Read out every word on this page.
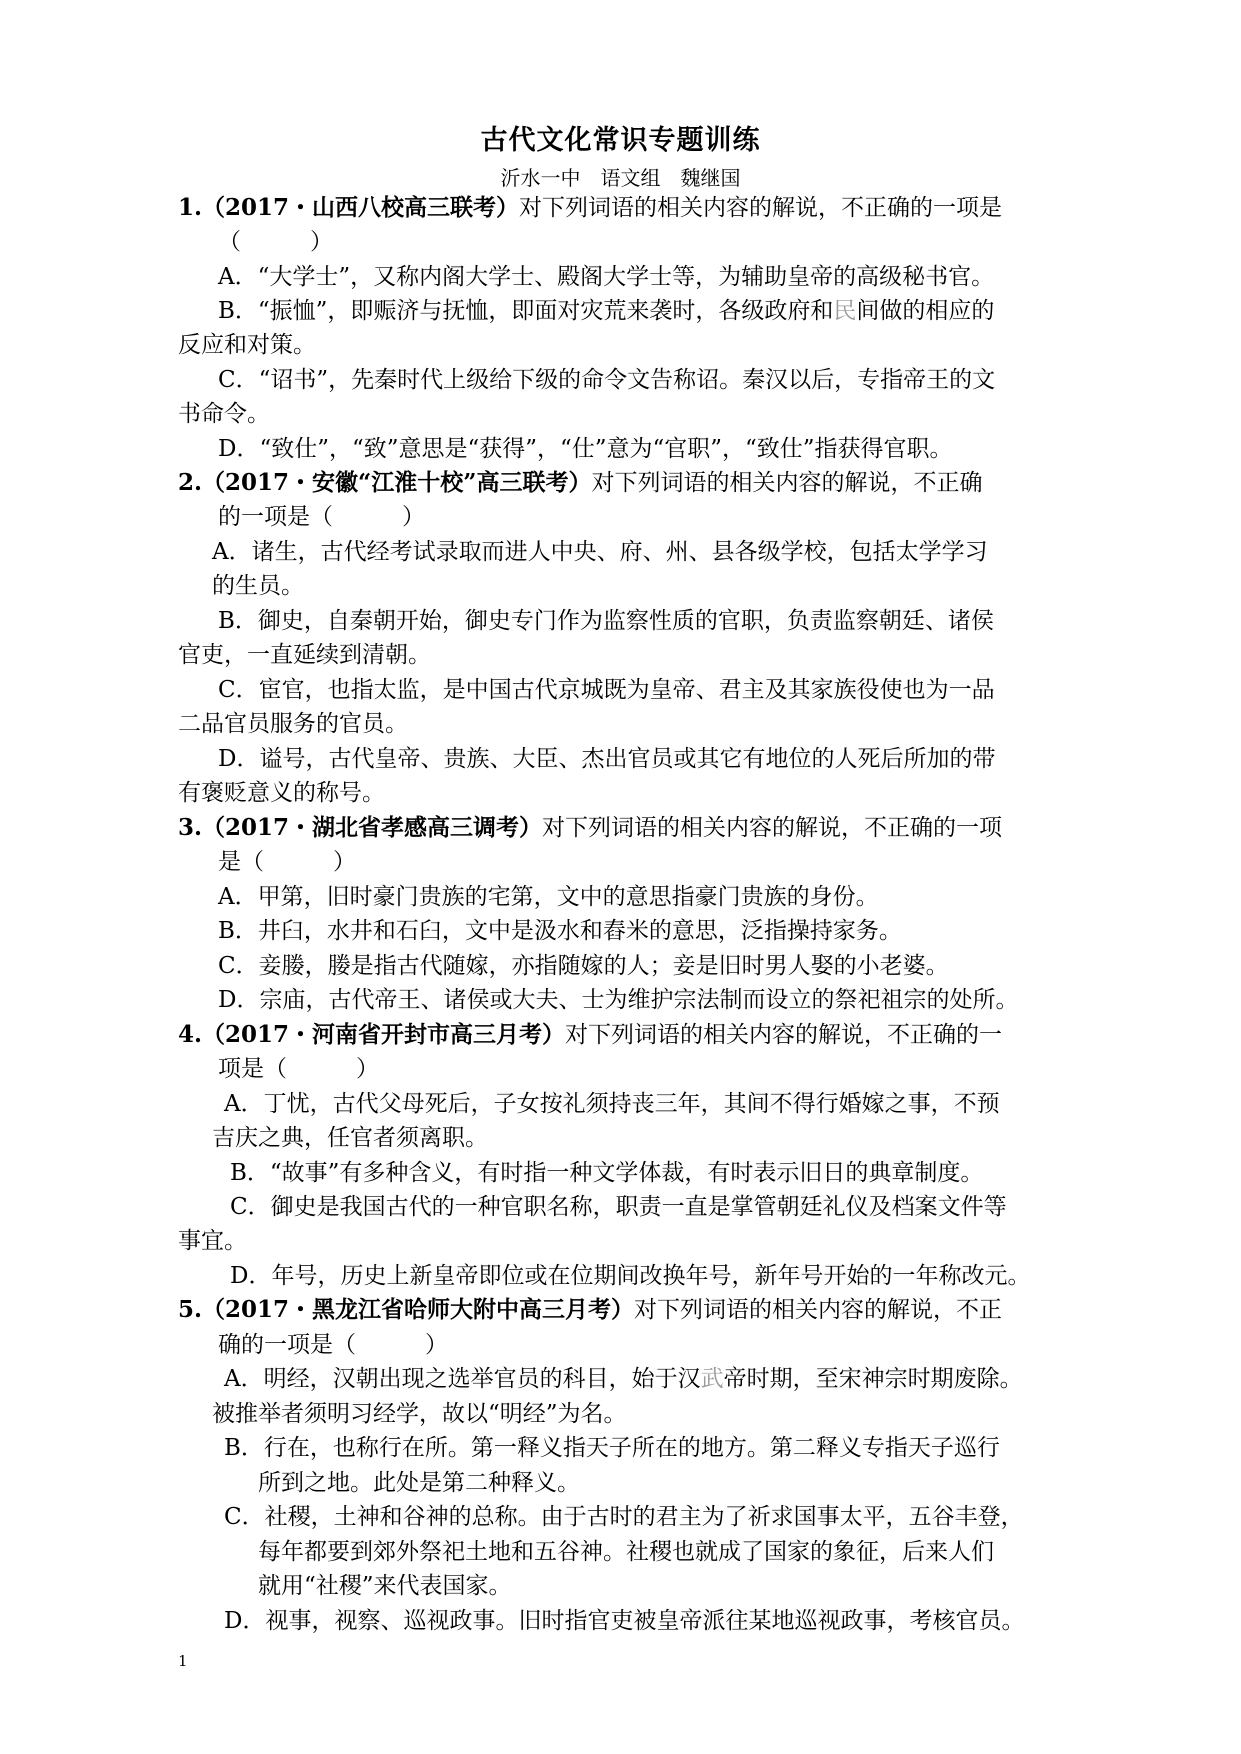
古代文化常识专题训练
沂水一中　语文组　魏继国
1.（2017・山西八校高三联考）对下列词语的相关内容的解说，不正确的一项是
（　　　）
A．“大学士”，又称内阁大学士、殿阁大学士等，为辅助皇帝的高级秘书官。
B．“振恤”，即赈济与抚恤，即面对灾荒来袭时，各级政府和民间做的相应的
反应和对策。
C．“诏书”，先秦时代上级给下级的命令文告称诏。秦汉以后，专指帝王的文
书命令。
D．“致仕”，“致”意思是“获得”，“仕”意为“官职”，“致仕”指获得官职。
2.（2017・安徽“江淮十校”高三联考）对下列词语的相关内容的解说，不正确
的一项是（　　　）
A．诸生，古代经考试录取而进人中央、府、州、县各级学校，包括太学学习
的生员。
B．御史，自秦朝开始，御史专门作为监察性质的官职，负责监察朝廷、诸侯
官吏，一直延续到清朝。
C．宦官，也指太监，是中国古代京城既为皇帝、君主及其家族役使也为一品
二品官员服务的官员。
D．谥号，古代皇帝、贵族、大臣、杰出官员或其它有地位的人死后所加的带
有褒贬意义的称号。
3.（2017・湖北省孝感高三调考）对下列词语的相关内容的解说，不正确的一项
是（　　　）
A．甲第，旧时豪门贵族的宅第，文中的意思指豪门贵族的身份。
B．井臼，水井和石臼，文中是汲水和舂米的意思，泛指操持家务。
C．妾媵，媵是指古代随嫁，亦指随嫁的人；妾是旧时男人娶的小老婆。
D．宗庙，古代帝王、诸侯或大夫、士为维护宗法制而设立的祭祀祖宗的处所。
4.（2017・河南省开封市高三月考）对下列词语的相关内容的解说，不正确的一
项是（　　　）
A．丁忧，古代父母死后，子女按礼须持丧三年，其间不得行婚嫁之事，不预
吉庆之典，任官者须离职。
B．“故事”有多种含义，有时指一种文学体裁，有时表示旧日的典章制度。
C．御史是我国古代的一种官职名称，职责一直是掌管朝廷礼仪及档案文件等
事宜。
D．年号，历史上新皇帝即位或在位期间改换年号，新年号开始的一年称改元。
5.（2017・黑龙江省哈师大附中高三月考）对下列词语的相关内容的解说，不正
确的一项是（　　　）
A．明经，汉朝出现之选举官员的科目，始于汉武帝时期，至宋神宗时期废除。
被推举者须明习经学，故以“明经”为名。
B．行在，也称行在所。第一释义指天子所在的地方。第二释义专指天子巡行
所到之地。此处是第二种释义。
C．社稷，土神和谷神的总称。由于古时的君主为了祈求国事太平，五谷丰登，
每年都要到郊外祭祀土地和五谷神。社稷也就成了国家的象征，后来人们
就用“社稷”来代表国家。
D．视事，视察、巡视政事。旧时指官吏被皇帝派往某地巡视政事，考核官员。
1
